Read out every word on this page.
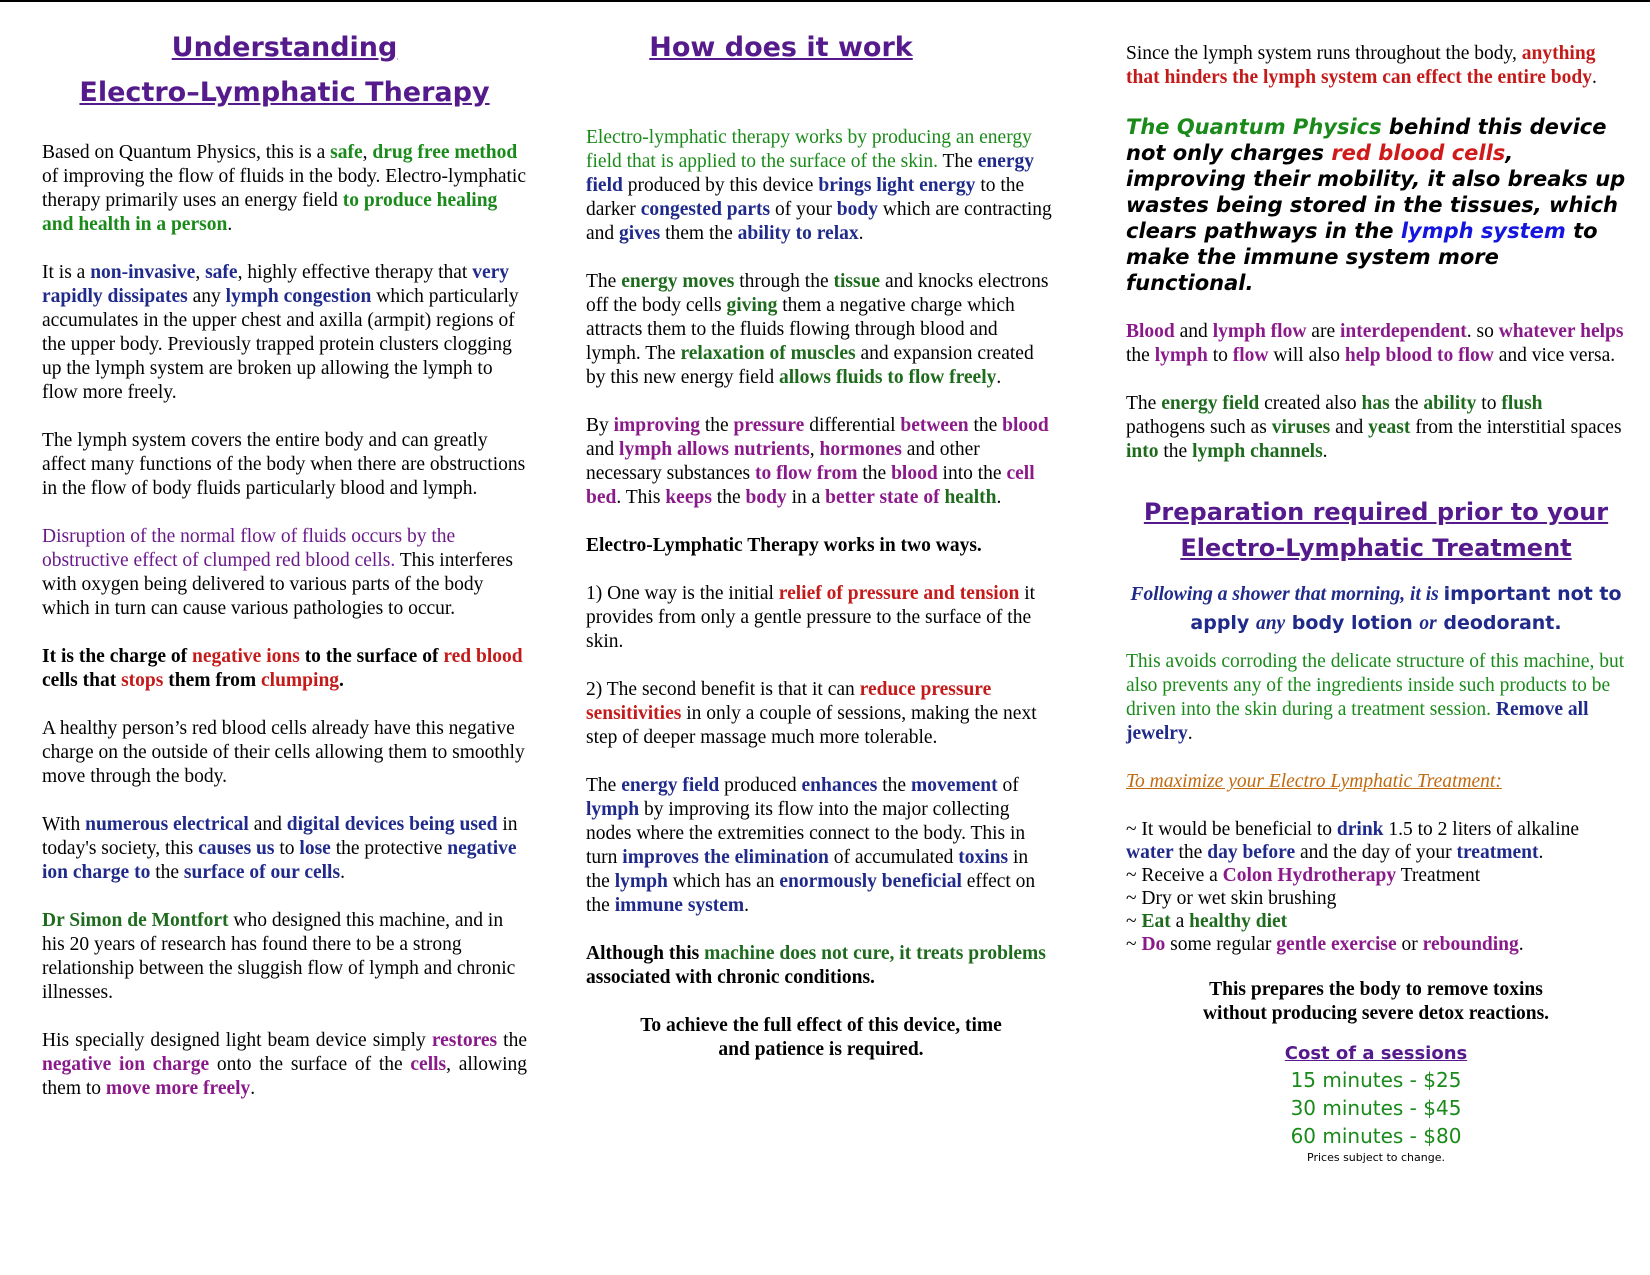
Understanding
Electro–Lymphatic Therapy

Based on Quantum Physics, this is a safe, drug free method of improving the flow of fluids in the body. Electro-lymphatic therapy primarily uses an energy field to produce healing and health in a person.

It is a non-invasive, safe, highly effective therapy that very rapidly dissipates any lymph congestion which particularly accumulates in the upper chest and axilla (armpit) regions of the upper body. Previously trapped protein clusters clogging up the lymph system are broken up allowing the lymph to flow more freely.

The lymph system covers the entire body and can greatly affect many functions of the body when there are obstructions in the flow of body fluids particularly blood and lymph.

Disruption of the normal flow of fluids occurs by the obstructive effect of clumped red blood cells. This interferes with oxygen being delivered to various parts of the body which in turn can cause various pathologies to occur.

It is the charge of negative ions to the surface of red blood cells that stops them from clumping.

A healthy person’s red blood cells already have this negative charge on the outside of their cells allowing them to smoothly move through the body.

With numerous electrical and digital devices being used in today's society, this causes us to lose the protective negative ion charge to the surface of our cells.

Dr Simon de Montfort who designed this machine, and in his 20 years of research has found there to be a strong relationship between the sluggish flow of lymph and chronic illnesses.

His specially designed light beam device simply restores the negative ion charge onto the surface of the cells, allowing them to move more freely.

How does it work

Electro-lymphatic therapy works by producing an energy field that is applied to the surface of the skin. The energy field produced by this device brings light energy to the darker congested parts of your body which are contracting and gives them the ability to relax.

The energy moves through the tissue and knocks electrons off the body cells giving them a negative charge which attracts them to the fluids flowing through blood and lymph. The relaxation of muscles and expansion created by this new energy field allows fluids to flow freely.

By improving the pressure differential between the blood and lymph allows nutrients, hormones and other necessary substances to flow from the blood into the cell bed. This keeps the body in a better state of health.

Electro-Lymphatic Therapy works in two ways.

1) One way is the initial relief of pressure and tension it provides from only a gentle pressure to the surface of the skin.

2) The second benefit is that it can reduce pressure sensitivities in only a couple of sessions, making the next step of deeper massage much more tolerable.

The energy field produced enhances the movement of lymph by improving its flow into the major collecting nodes where the extremities connect to the body. This in turn improves the elimination of accumulated toxins in the lymph which has an enormously beneficial effect on the immune system.

Although this machine does not cure, it treats problems associated with chronic conditions.

To achieve the full effect of this device, time and patience is required.

Since the lymph system runs throughout the body, anything that hinders the lymph system can effect the entire body.

The Quantum Physics behind this device not only charges red blood cells, improving their mobility, it also breaks up wastes being stored in the tissues, which clears pathways in the lymph system to make the immune system more functional.

Blood and lymph flow are interdependent. so whatever helps the lymph to flow will also help blood to flow and vice versa.

The energy field created also has the ability to flush pathogens such as viruses and yeast from the interstitial spaces into the lymph channels.

Preparation required prior to your
Electro-Lymphatic Treatment

Following a shower that morning, it is important not to apply any body lotion or deodorant.

This avoids corroding the delicate structure of this machine, but also prevents any of the ingredients inside such products to be driven into the skin during a treatment session. Remove all jewelry.

To maximize your Electro Lymphatic Treatment:

~ It would be beneficial to drink 1.5 to 2 liters of alkaline water the day before and the day of your treatment.

~ Receive a Colon Hydrotherapy Treatment

~ Dry or wet skin brushing

~ Eat a healthy diet

~ Do some regular gentle exercise or rebounding.

This prepares the body to remove toxins without producing severe detox reactions.

Cost of a sessions

15 minutes - $25

30 minutes - $45

60 minutes - $80

Prices subject to change.
